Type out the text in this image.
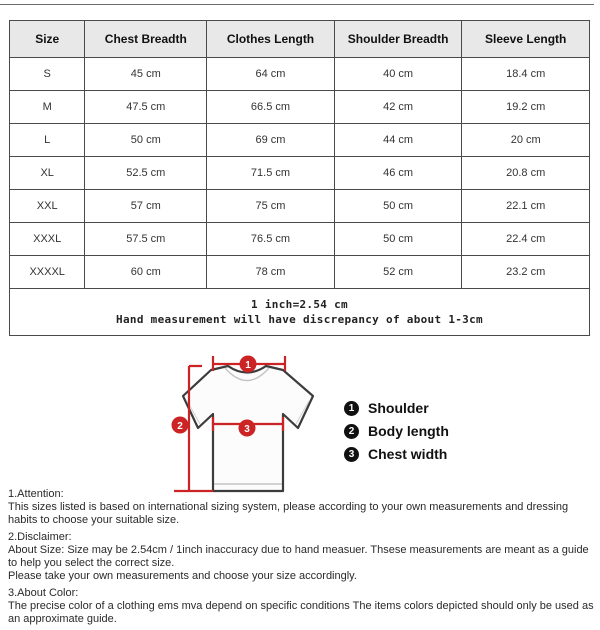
Size	Chest Breadth	Clothes Length	Shoulder Breadth	Sleeve Length
S	45 cm	64 cm	40 cm	18.4 cm
M	47.5 cm	66.5 cm	42 cm	19.2 cm
L	50 cm	69 cm	44 cm	20 cm
XL	52.5 cm	71.5 cm	46 cm	20.8 cm
XXL	57 cm	75 cm	50 cm	22.1 cm
XXXL	57.5 cm	76.5 cm	50 cm	22.4 cm
XXXXL	60 cm	78 cm	52 cm	23.2 cm

1 inch=2.54 cm
Hand measurement will have discrepancy of about 1-3cm				
1
2	3
1 Shoulder
2 Body length
3 Chest width
1.Attention:
This sizes listed is based on international sizing system, please according to your own measurements and dressing habits to choose your suitable size.
2.Disclaimer:
About Size: Size may be 2.54cm / 1inch inaccuracy due to hand measuer. Thsese measurements are meant as a guide to help you select the correct size.
Please take your own measurements and choose your size accordingly.
3.About Color:
The precise color of a clothing ems mva depend on specific conditions The items colors depicted should only be used as
an approximate guide.
